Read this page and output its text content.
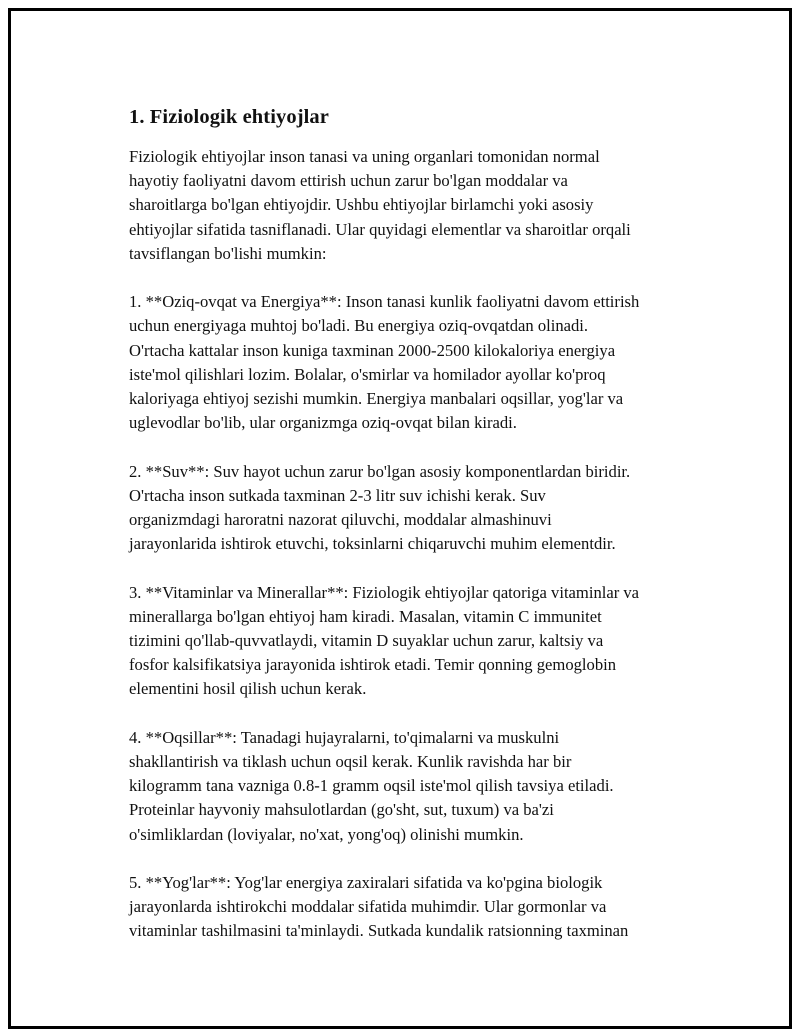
1. Fiziologik ehtiyojlar

Fiziologik ehtiyojlar inson tanasi va uning organlari tomonidan normal
hayotiy faoliyatni davom ettirish uchun zarur bo'lgan moddalar va
sharoitlarga bo'lgan ehtiyojdir. Ushbu ehtiyojlar birlamchi yoki asosiy
ehtiyojlar sifatida tasniflanadi. Ular quyidagi elementlar va sharoitlar orqali
tavsiflangan bo'lishi mumkin:

1. **Oziq-ovqat va Energiya**: Inson tanasi kunlik faoliyatni davom ettirish
uchun energiyaga muhtoj bo'ladi. Bu energiya oziq-ovqatdan olinadi.
O'rtacha kattalar inson kuniga taxminan 2000-2500 kilokaloriya energiya
iste'mol qilishlari lozim. Bolalar, o'smirlar va homilador ayollar ko'proq
kaloriyaga ehtiyoj sezishi mumkin. Energiya manbalari oqsillar, yog'lar va
uglevodlar bo'lib, ular organizmga oziq-ovqat bilan kiradi.

2. **Suv**: Suv hayot uchun zarur bo'lgan asosiy komponentlardan biridir.
O'rtacha inson sutkada taxminan 2-3 litr suv ichishi kerak. Suv
organizmdagi haroratni nazorat qiluvchi, moddalar almashinuvi
jarayonlarida ishtirok etuvchi, toksinlarni chiqaruvchi muhim elementdir.

3. **Vitaminlar va Minerallar**: Fiziologik ehtiyojlar qatoriga vitaminlar va
minerallarga bo'lgan ehtiyoj ham kiradi. Masalan, vitamin C immunitet
tizimini qo'llab-quvvatlaydi, vitamin D suyaklar uchun zarur, kaltsiy va
fosfor kalsifikatsiya jarayonida ishtirok etadi. Temir qonning gemoglobin
elementini hosil qilish uchun kerak.

4. **Oqsillar**: Tanadagi hujayralarni, to'qimalarni va muskulni
shakllantirish va tiklash uchun oqsil kerak. Kunlik ravishda har bir
kilogramm tana vazniga 0.8-1 gramm oqsil iste'mol qilish tavsiya etiladi.
Proteinlar hayvoniy mahsulotlardan (go'sht, sut, tuxum) va ba'zi
o'simliklardan (loviyalar, no'xat, yong'oq) olinishi mumkin.

5. **Yog'lar**: Yog'lar energiya zaxiralari sifatida va ko'pgina biologik
jarayonlarda ishtirokchi moddalar sifatida muhimdir. Ular gormonlar va
vitaminlar tashilmasini ta'minlaydi. Sutkada kundalik ratsionning taxminan
